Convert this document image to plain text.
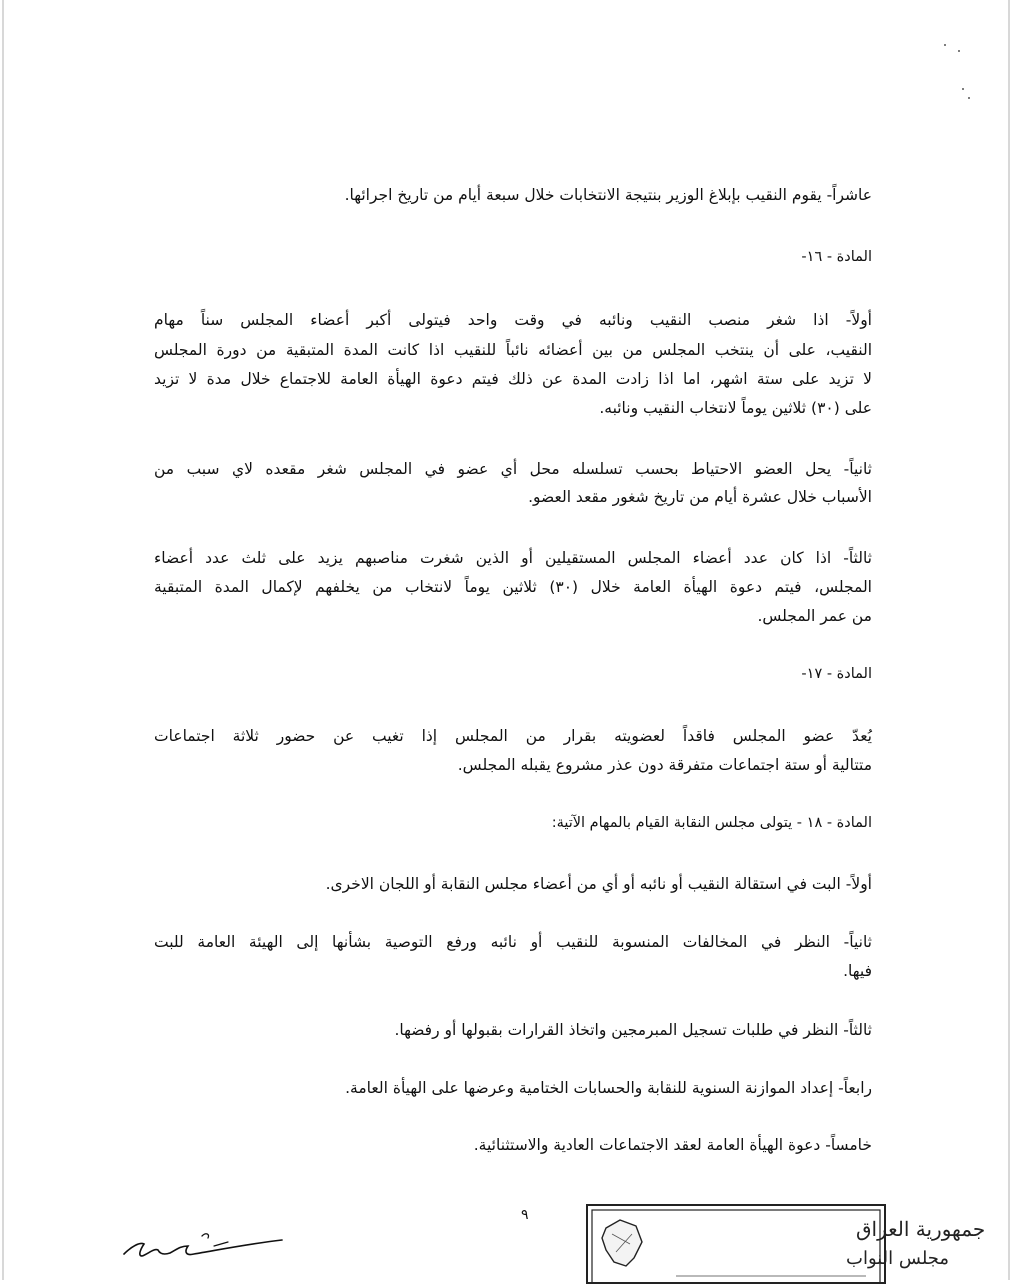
عاشراً- يقوم النقيب بإبلاغ الوزير بنتيجة الانتخابات خلال سبعة أيام من تاريخ اجرائها.
المادة - ١٦-
أولاً- اذا شغر منصب النقيب ونائبه في وقت واحد فيتولى أكبر أعضاء المجلس سناً مهام
النقيب، على أن ينتخب المجلس من بين أعضائه نائباً للنقيب اذا كانت المدة المتبقية من دورة المجلس
لا تزيد على ستة اشهر، اما اذا زادت المدة عن ذلك فيتم دعوة الهيأة العامة للاجتماع خلال مدة لا تزيد
على (٣٠) ثلاثين يوماً لانتخاب النقيب ونائبه.
ثانياً- يحل العضو الاحتياط بحسب تسلسله محل أي عضو في المجلس شغر مقعده لاي سبب من
الأسباب خلال عشرة أيام من تاريخ شغور مقعد العضو.
ثالثاً- اذا كان عدد أعضاء المجلس المستقيلين أو الذين شغرت مناصبهم يزيد على ثلث عدد أعضاء
المجلس، فيتم دعوة الهيأة العامة خلال (٣٠) ثلاثين يوماً لانتخاب من يخلفهم لإكمال المدة المتبقية
من عمر المجلس.
المادة - ١٧-
يُعدّ عضو المجلس فاقداً لعضويته بقرار من المجلس إذا تغيب عن حضور ثلاثة اجتماعات
متتالية أو ستة اجتماعات متفرقة دون عذر مشروع يقبله المجلس.
المادة - ١٨ - يتولى مجلس النقابة القيام بالمهام الآتية:
أولاً- البت في استقالة النقيب أو نائبه أو أي من أعضاء مجلس النقابة أو اللجان الاخرى.
ثانياً- النظر في المخالفات المنسوبة للنقيب أو نائبه ورفع التوصية بشأنها إلى الهيئة العامة للبت
فيها.
ثالثاً- النظر في طلبات تسجيل المبرمجين واتخاذ القرارات بقبولها أو رفضها.
رابعاً- إعداد الموازنة السنوية للنقابة والحسابات الختامية وعرضها على الهيأة العامة.
خامساً- دعوة الهيأة العامة لعقد الاجتماعات العادية والاستثنائية.
٩
جمهورية العراق
مجلس النواب
